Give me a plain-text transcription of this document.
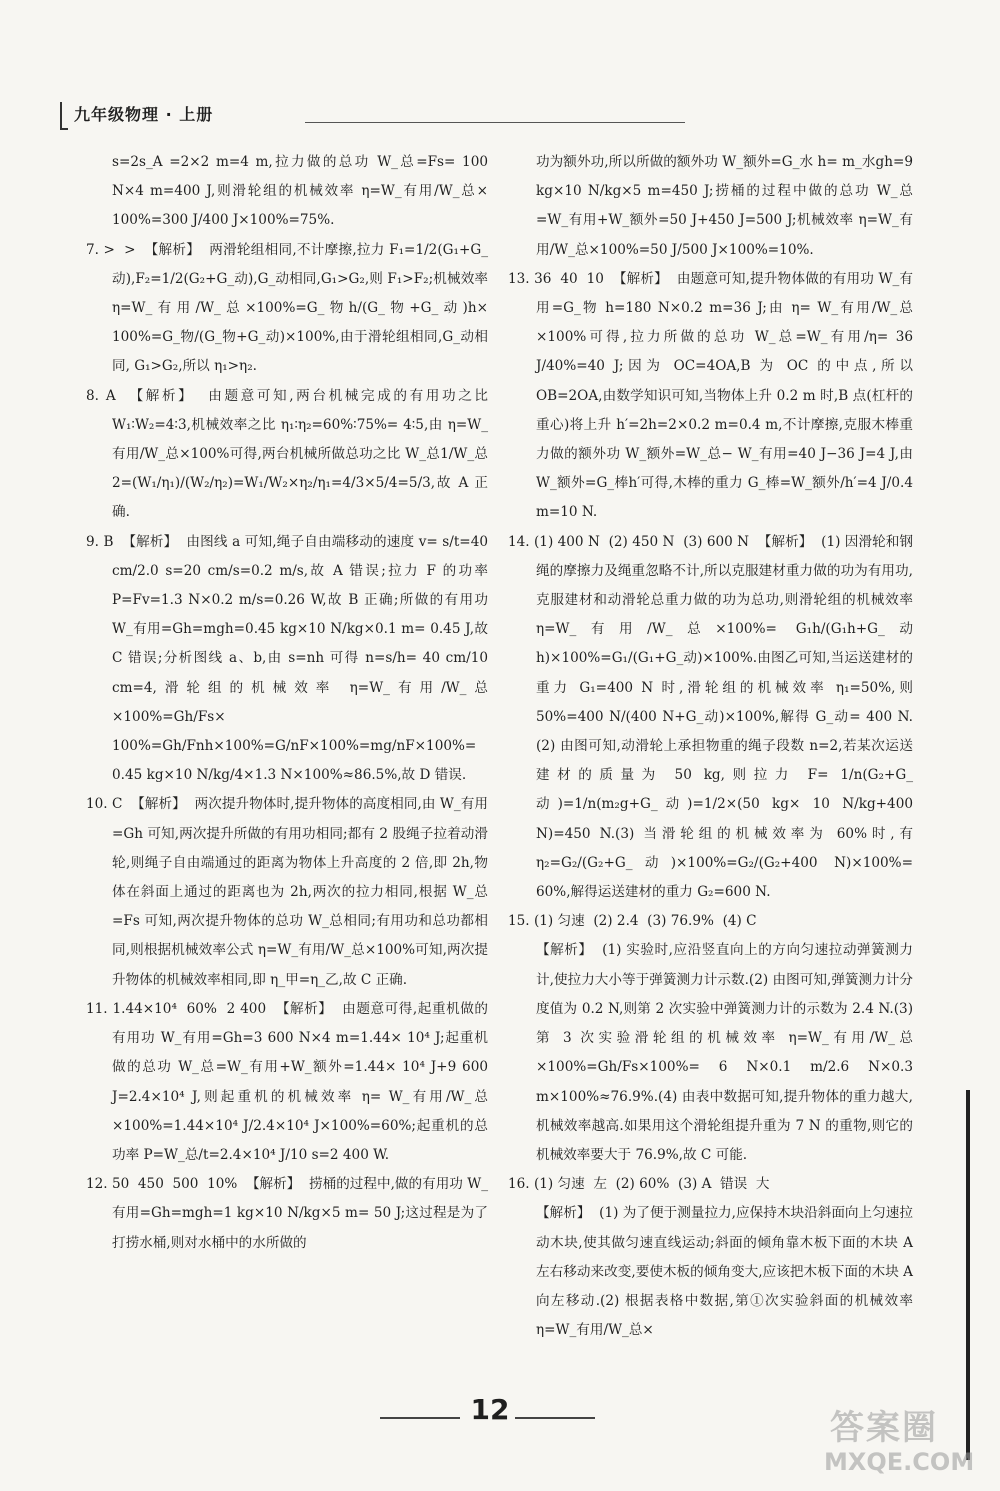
九年级物理 · 上册

s=2s_A =2×2 m=4 m,拉力做的总功 W_总=Fs= 100 N×4 m=400 J,则滑轮组的机械效率 η=W_有用/W_总× 100%=300 J/400 J×100%=75%.

7. >  >  【解析】  两滑轮组相同,不计摩擦,拉力 F₁=1/2(G₁+G_动),F₂=1/2(G₂+G_动),G_动相同,G₁>G₂,则 F₁>F₂;机械效率 η=W_有用/W_总×100%=G_物h/(G_物+G_动)h× 100%=G_物/(G_物+G_动)×100%,由于滑轮组相同,G_动相同, G₁>G₂,所以 η₁>η₂.

8. A  【解析】  由题意可知,两台机械完成的有用功之比 W₁∶W₂=4∶3,机械效率之比 η₁∶η₂=60%∶75%= 4∶5,由 η=W_有用/W_总×100%可得,两台机械所做总功之比 W_总1/W_总2=(W₁/η₁)/(W₂/η₂)=W₁/W₂×η₂/η₁=4/3×5/4=5/3,故 A 正确.

9. B  【解析】  由图线 a 可知,绳子自由端移动的速度 v= s/t=40 cm/2.0 s=20 cm/s=0.2 m/s,故 A 错误;拉力 F 的功率 P=Fv=1.3 N×0.2 m/s=0.26 W,故 B 正确;所做的有用功 W_有用=Gh=mgh=0.45 kg×10 N/kg×0.1 m= 0.45 J,故 C 错误;分析图线 a、b,由 s=nh 可得 n=s/h= 40 cm/10 cm=4,滑轮组的机械效率 η=W_有用/W_总×100%=Gh/Fs× 100%=Gh/Fnh×100%=G/nF×100%=mg/nF×100%= 0.45 kg×10 N/kg/4×1.3 N×100%≈86.5%,故 D 错误.

10. C  【解析】  两次提升物体时,提升物体的高度相同,由 W_有用=Gh 可知,两次提升所做的有用功相同;都有 2 股绳子拉着动滑轮,则绳子自由端通过的距离为物体上升高度的 2 倍,即 2h,物体在斜面上通过的距离也为 2h,两次的拉力相同,根据 W_总=Fs 可知,两次提升物体的总功 W_总相同;有用功和总功都相同,则根据机械效率公式 η=W_有用/W_总×100%可知,两次提升物体的机械效率相同,即 η_甲=η_乙,故 C 正确.

11. 1.44×10⁴  60%  2 400  【解析】  由题意可得,起重机做的有用功 W_有用=Gh=3 600 N×4 m=1.44× 10⁴ J;起重机做的总功 W_总=W_有用+W_额外=1.44× 10⁴ J+9 600 J=2.4×10⁴ J,则起重机的机械效率 η= W_有用/W_总×100%=1.44×10⁴ J/2.4×10⁴ J×100%=60%;起重机的总功率 P=W_总/t=2.4×10⁴ J/10 s=2 400 W.

12. 50  450  500  10%  【解析】  捞桶的过程中,做的有用功 W_有用=Gh=mgh=1 kg×10 N/kg×5 m= 50 J;这过程是为了打捞水桶,则对水桶中的水所做的

功为额外功,所以所做的额外功 W_额外=G_水 h= m_水gh=9 kg×10 N/kg×5 m=450 J;捞桶的过程中做的总功 W_总=W_有用+W_额外=50 J+450 J=500 J;机械效率 η=W_有用/W_总×100%=50 J/500 J×100%=10%.

13. 36  40  10  【解析】  由题意可知,提升物体做的有用功 W_有用=G_物 h=180 N×0.2 m=36 J;由 η= W_有用/W_总×100%可得,拉力所做的总功 W_总=W_有用/η= 36 J/40%=40 J;因为 OC=4OA,B 为 OC 的中点,所以 OB=2OA,由数学知识可知,当物体上升 0.2 m 时,B 点(杠杆的重心)将上升 h′=2h=2×0.2 m=0.4 m,不计摩擦,克服木棒重力做的额外功 W_额外=W_总− W_有用=40 J−36 J=4 J,由 W_额外=G_棒h′可得,木棒的重力 G_棒=W_额外/h′=4 J/0.4 m=10 N.

14. (1) 400 N  (2) 450 N  (3) 600 N  【解析】  (1) 因滑轮和钢绳的摩擦力及绳重忽略不计,所以克服建材重力做的功为有用功,克服建材和动滑轮总重力做的功为总功,则滑轮组的机械效率 η=W_有用/W_总×100%= G₁h/(G₁h+G_动h)×100%=G₁/(G₁+G_动)×100%.由图乙可知,当运送建材的重力 G₁=400 N 时,滑轮组的机械效率 η₁=50%,则 50%=400 N/(400 N+G_动)×100%,解得 G_动= 400 N.(2) 由图可知,动滑轮上承担物重的绳子段数 n=2,若某次运送建材的质量为 50 kg,则拉力 F= 1/n(G₂+G_动)=1/n(m₂g+G_动)=1/2×(50 kg× 10 N/kg+400 N)=450 N.(3) 当滑轮组的机械效率为 60%时,有 η₂=G₂/(G₂+G_动)×100%=G₂/(G₂+400 N)×100%= 60%,解得运送建材的重力 G₂=600 N.

15. (1) 匀速  (2) 2.4  (3) 76.9%  (4) C

【解析】  (1) 实验时,应沿竖直向上的方向匀速拉动弹簧测力计,使拉力大小等于弹簧测力计示数.(2) 由图可知,弹簧测力计分度值为 0.2 N,则第 2 次实验中弹簧测力计的示数为 2.4 N.(3) 第 3 次实验滑轮组的机械效率 η=W_有用/W_总×100%=Gh/Fs×100%= 6 N×0.1 m/2.6 N×0.3 m×100%≈76.9%.(4) 由表中数据可知,提升物体的重力越大,机械效率越高.如果用这个滑轮组提升重为 7 N 的重物,则它的机械效率要大于 76.9%,故 C 可能.

16. (1) 匀速  左  (2) 60%  (3) A  错误  大

【解析】  (1) 为了便于测量拉力,应保持木块沿斜面向上匀速拉动木块,使其做匀速直线运动;斜面的倾角靠木板下面的木块 A 左右移动来改变,要使木板的倾角变大,应该把木板下面的木块 A 向左移动.(2) 根据表格中数据,第①次实验斜面的机械效率 η=W_有用/W_总×

12	答案圈
MXQE.COM
